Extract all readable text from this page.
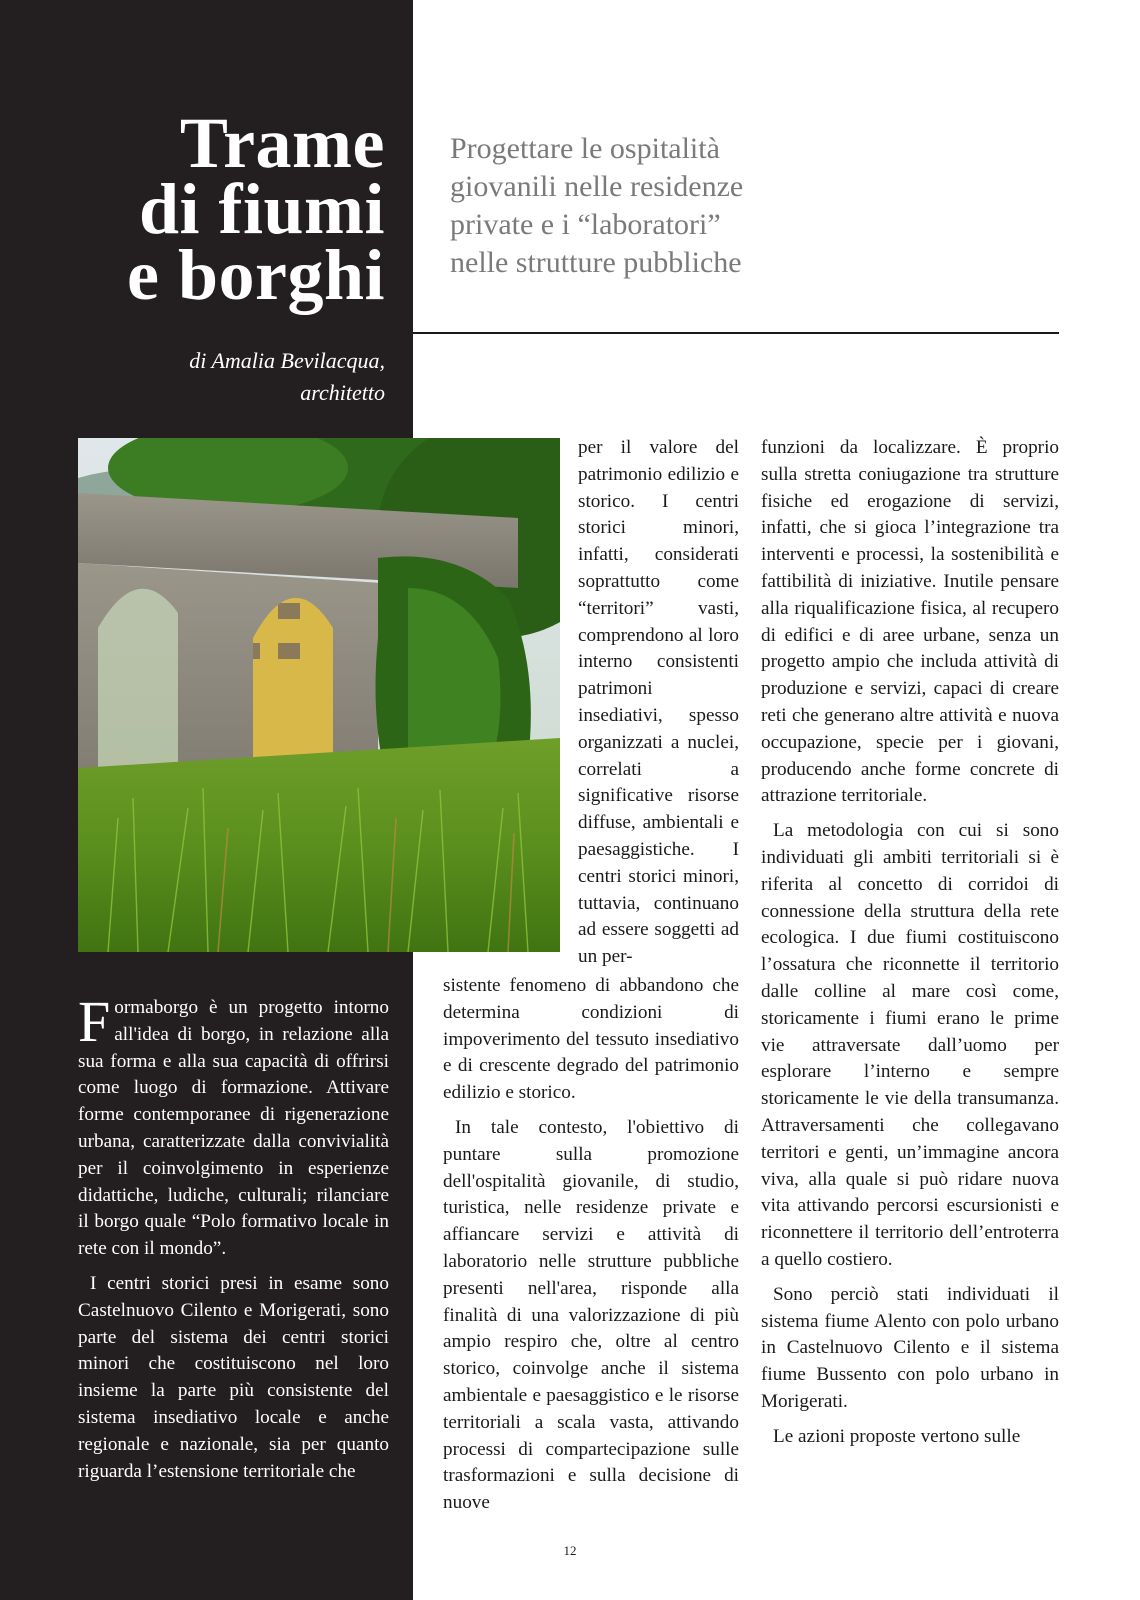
Trame
di fiumi
e borghi
Progettare le ospitalità
giovanili nelle residenze
private e i “laboratori”
nelle strutture pubbliche
di Amalia Bevilacqua,
architetto

Formaborgo è un progetto intorno all'idea di borgo, in relazione alla sua forma e alla sua capacità di offrirsi come luogo di formazione. Attivare forme contemporanee di rigenerazione urbana, caratterizzate dalla convivialità per il coinvolgimento in esperienze didattiche, ludiche, culturali; rilanciare il borgo quale “Polo formativo locale in rete con il mondo”.

I centri storici presi in esame sono Castelnuovo Cilento e Morigerati, sono parte del sistema dei centri storici minori che costituiscono nel loro insieme la parte più consistente del sistema insediativo locale e anche regionale e nazionale, sia per quanto riguarda l’estensione territoriale che

per il valore del patrimonio edilizio e storico. I centri storici minori, infatti, considerati soprattutto come “territori” vasti, comprendono al loro interno consistenti patrimoni insediativi, spesso organizzati a nuclei, correlati a significative risorse diffuse, ambientali e paesaggistiche. I centri storici minori, tuttavia, continuano ad essere soggetti ad un per-

sistente fenomeno di abbandono che determina condizioni di impoverimento del tessuto insediativo e di crescente degrado del patrimonio edilizio e storico.

In tale contesto, l'obiettivo di puntare sulla promozione dell'ospitalità giovanile, di studio, turistica, nelle residenze private e affiancare servizi e attività di laboratorio nelle strutture pubbliche presenti nell'area, risponde alla finalità di una valorizzazione di più ampio respiro che, oltre al centro storico, coinvolge anche il sistema ambientale e paesaggistico e le risorse territoriali a scala vasta, attivando processi di compartecipazione sulle trasformazioni e sulla decisione di nuove

funzioni da localizzare. È proprio sulla stretta coniugazione tra strutture fisiche ed erogazione di servizi, infatti, che si gioca l’integrazione tra interventi e processi, la sostenibilità e fattibilità di iniziative. Inutile pensare alla riqualificazione fisica, al recupero di edifici e di aree urbane, senza un progetto ampio che includa attività di produzione e servizi, capaci di creare reti che generano altre attività e nuova occupazione, specie per i giovani, producendo anche forme concrete di attrazione territoriale.

La metodologia con cui si sono individuati gli ambiti territoriali si è riferita al concetto di corridoi di connessione della struttura della rete ecologica. I due fiumi costituiscono l’ossatura che riconnette il territorio dalle colline al mare così come, storicamente i fiumi erano le prime vie attraversate dall’uomo per esplorare l’interno e sempre storicamente le vie della transumanza. Attraversamenti che collegavano territori e genti, un’immagine ancora viva, alla quale si può ridare nuova vita attivando percorsi escursionisti e riconnettere il territorio dell’entroterra a quello costiero.

Sono perciò stati individuati il sistema fiume Alento con polo urbano in Castelnuovo Cilento e il sistema fiume Bussento con polo urbano in Morigerati.

Le azioni proposte vertono sulle

12
